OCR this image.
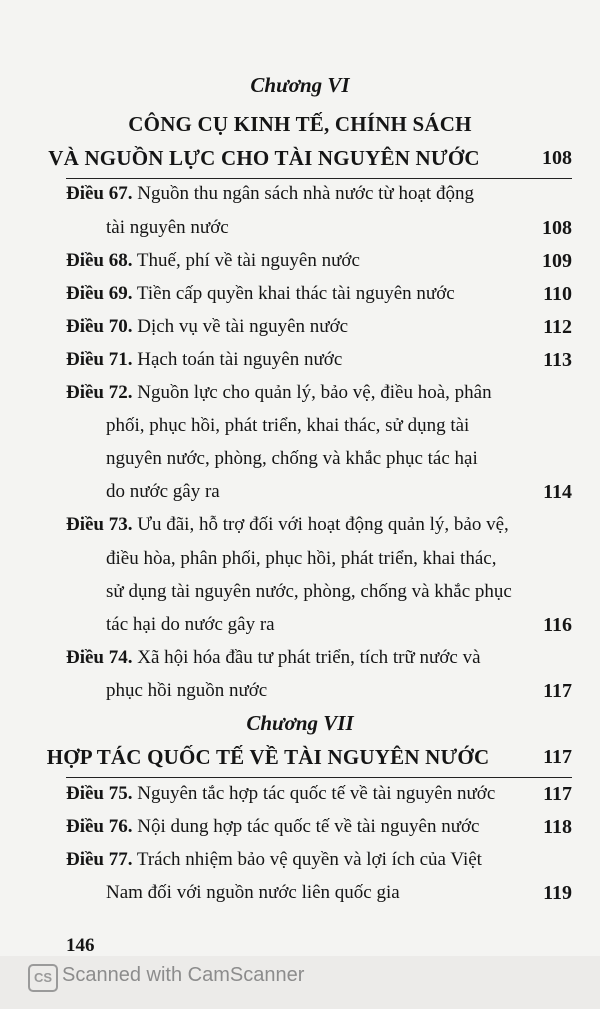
Chương VI
CÔNG CỤ KINH TẾ, CHÍNH SÁCH
VÀ NGUỒN LỰC CHO TÀI NGUYÊN NƯỚC	108
Điều 67. Nguồn thu ngân sách nhà nước từ hoạt động
tài nguyên nước	108
Điều 68. Thuế, phí về tài nguyên nước	109
Điều 69. Tiền cấp quyền khai thác tài nguyên nước	110
Điều 70. Dịch vụ về tài nguyên nước	112
Điều 71. Hạch toán tài nguyên nước	113
Điều 72. Nguồn lực cho quản lý, bảo vệ, điều hoà, phân
phối, phục hồi, phát triển, khai thác, sử dụng tài
nguyên nước, phòng, chống và khắc phục tác hại
do nước gây ra	114
Điều 73. Ưu đãi, hỗ trợ đối với hoạt động quản lý, bảo vệ,
điều hòa, phân phối, phục hồi, phát triển, khai thác,
sử dụng tài nguyên nước, phòng, chống và khắc phục
tác hại do nước gây ra	116
Điều 74. Xã hội hóa đầu tư phát triển, tích trữ nước và
phục hồi nguồn nước	117
Chương VII
HỢP TÁC QUỐC TẾ VỀ TÀI NGUYÊN NƯỚC	117
Điều 75. Nguyên tắc hợp tác quốc tế về tài nguyên nước 117
Điều 76. Nội dung hợp tác quốc tế về tài nguyên nước	118
Điều 77. Trách nhiệm bảo vệ quyền và lợi ích của Việt
Nam đối với nguồn nước liên quốc gia	119
146
CS Scanned with CamScanner
